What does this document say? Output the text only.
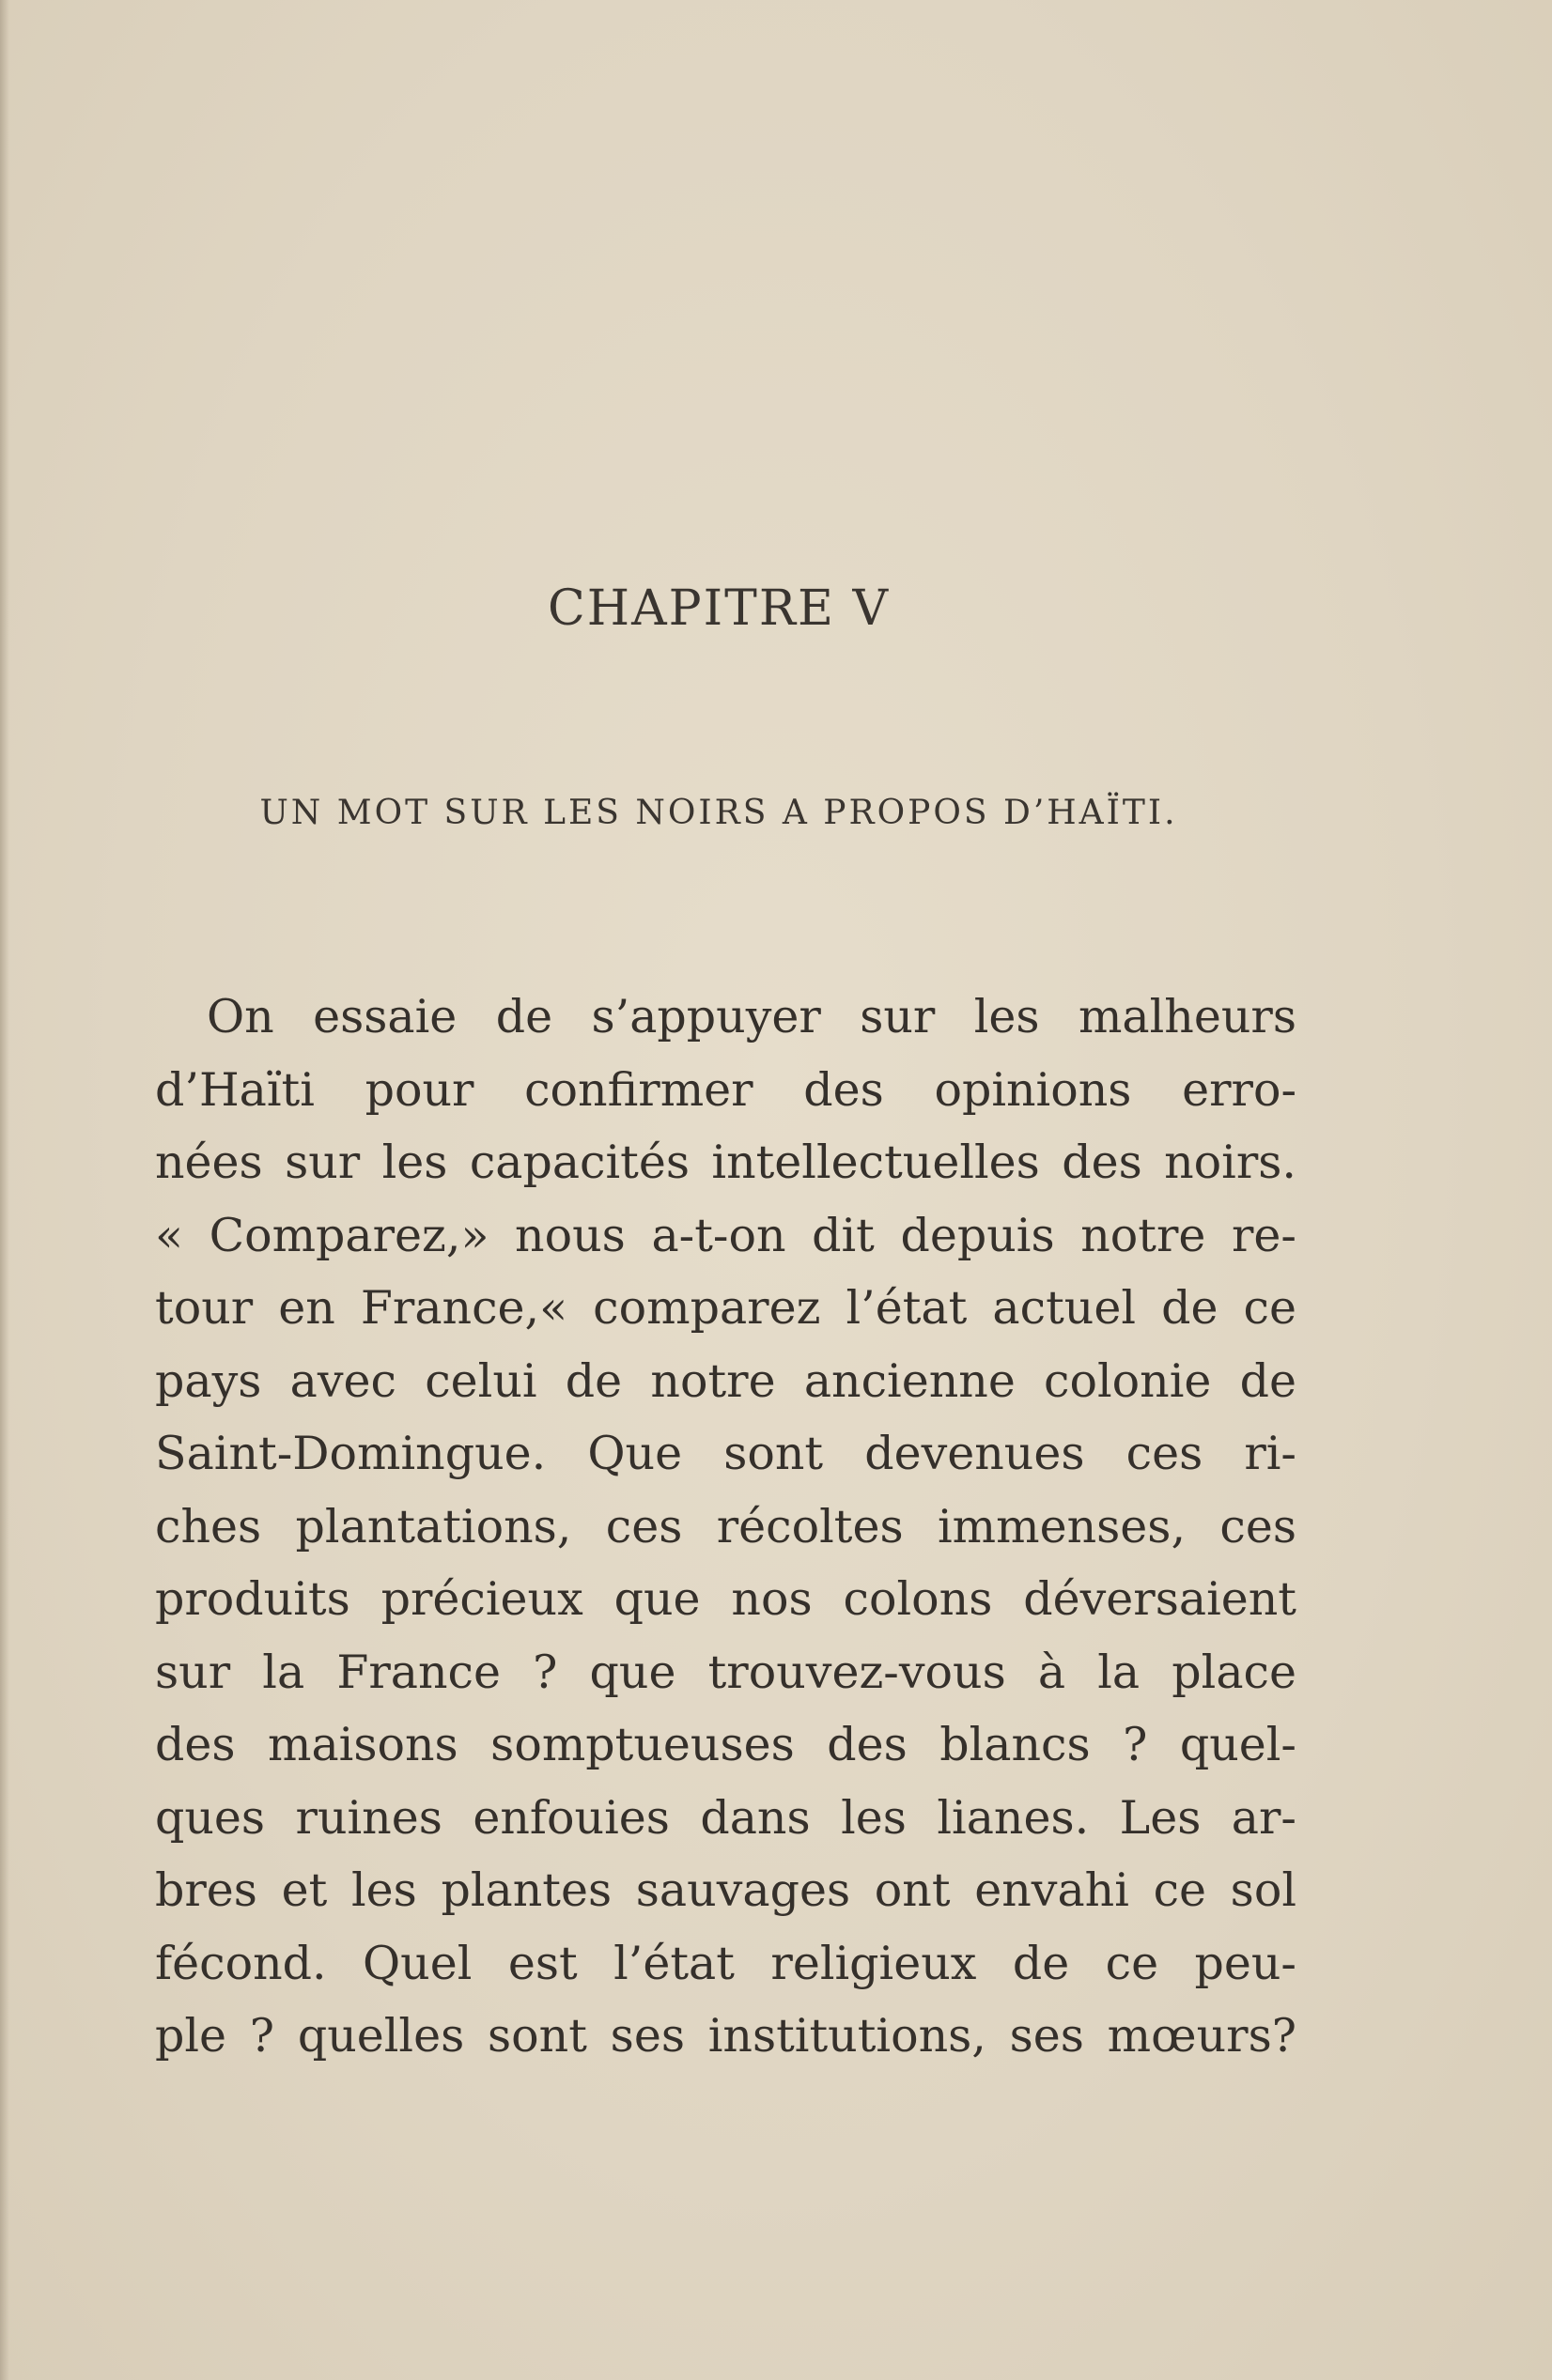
CHAPITRE V
UN MOT SUR LES NOIRS A PROPOS D’HAÏTI.
On essaie de s’appuyer sur les malheurs
d’Haïti pour confirmer des opinions erro-
nées sur les capacités intellectuelles des noirs.
« Comparez,» nous a-t-on dit depuis notre re-
tour en France,« comparez l’état actuel de ce
pays avec celui de notre ancienne colonie de
Saint-Domingue. Que sont devenues ces ri-
ches plantations, ces récoltes immenses, ces
produits précieux que nos colons déversaient
sur la France ? que trouvez-vous à la place
des maisons somptueuses des blancs ? quel-
ques ruines enfouies dans les lianes. Les ar-
bres et les plantes sauvages ont envahi ce sol
fécond. Quel est l’état religieux de ce peu-
ple ? quelles sont ses institutions, ses mœurs?
